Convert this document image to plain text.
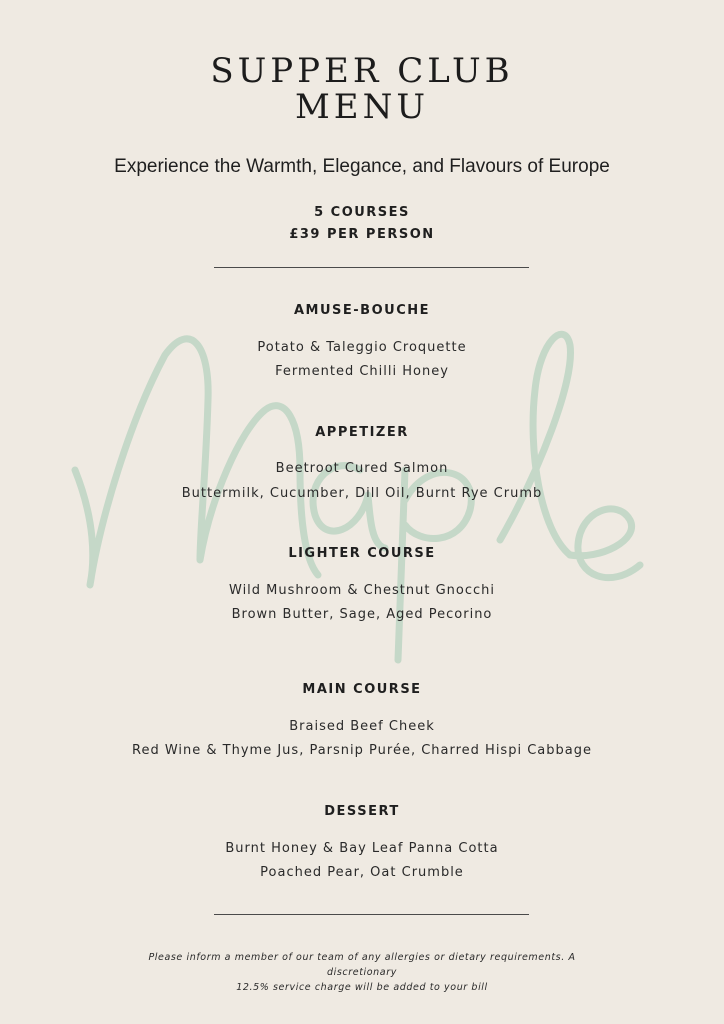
SUPPER CLUB
MENU
Experience the Warmth, Elegance, and Flavours of Europe
5 COURSES
£39 PER PERSON
AMUSE-BOUCHE
Potato & Taleggio Croquette
Fermented Chilli Honey
APPETIZER
Beetroot Cured Salmon
Buttermilk, Cucumber, Dill Oil, Burnt Rye Crumb
LIGHTER COURSE
Wild Mushroom & Chestnut Gnocchi
Brown Butter, Sage, Aged Pecorino
MAIN COURSE
Braised Beef Cheek
Red Wine & Thyme Jus, Parsnip Purée, Charred Hispi Cabbage
DESSERT
Burnt Honey & Bay Leaf Panna Cotta
Poached Pear, Oat Crumble
Please inform a member of our team of any allergies or dietary requirements. A discretionary
12.5% service charge will be added to your bill
